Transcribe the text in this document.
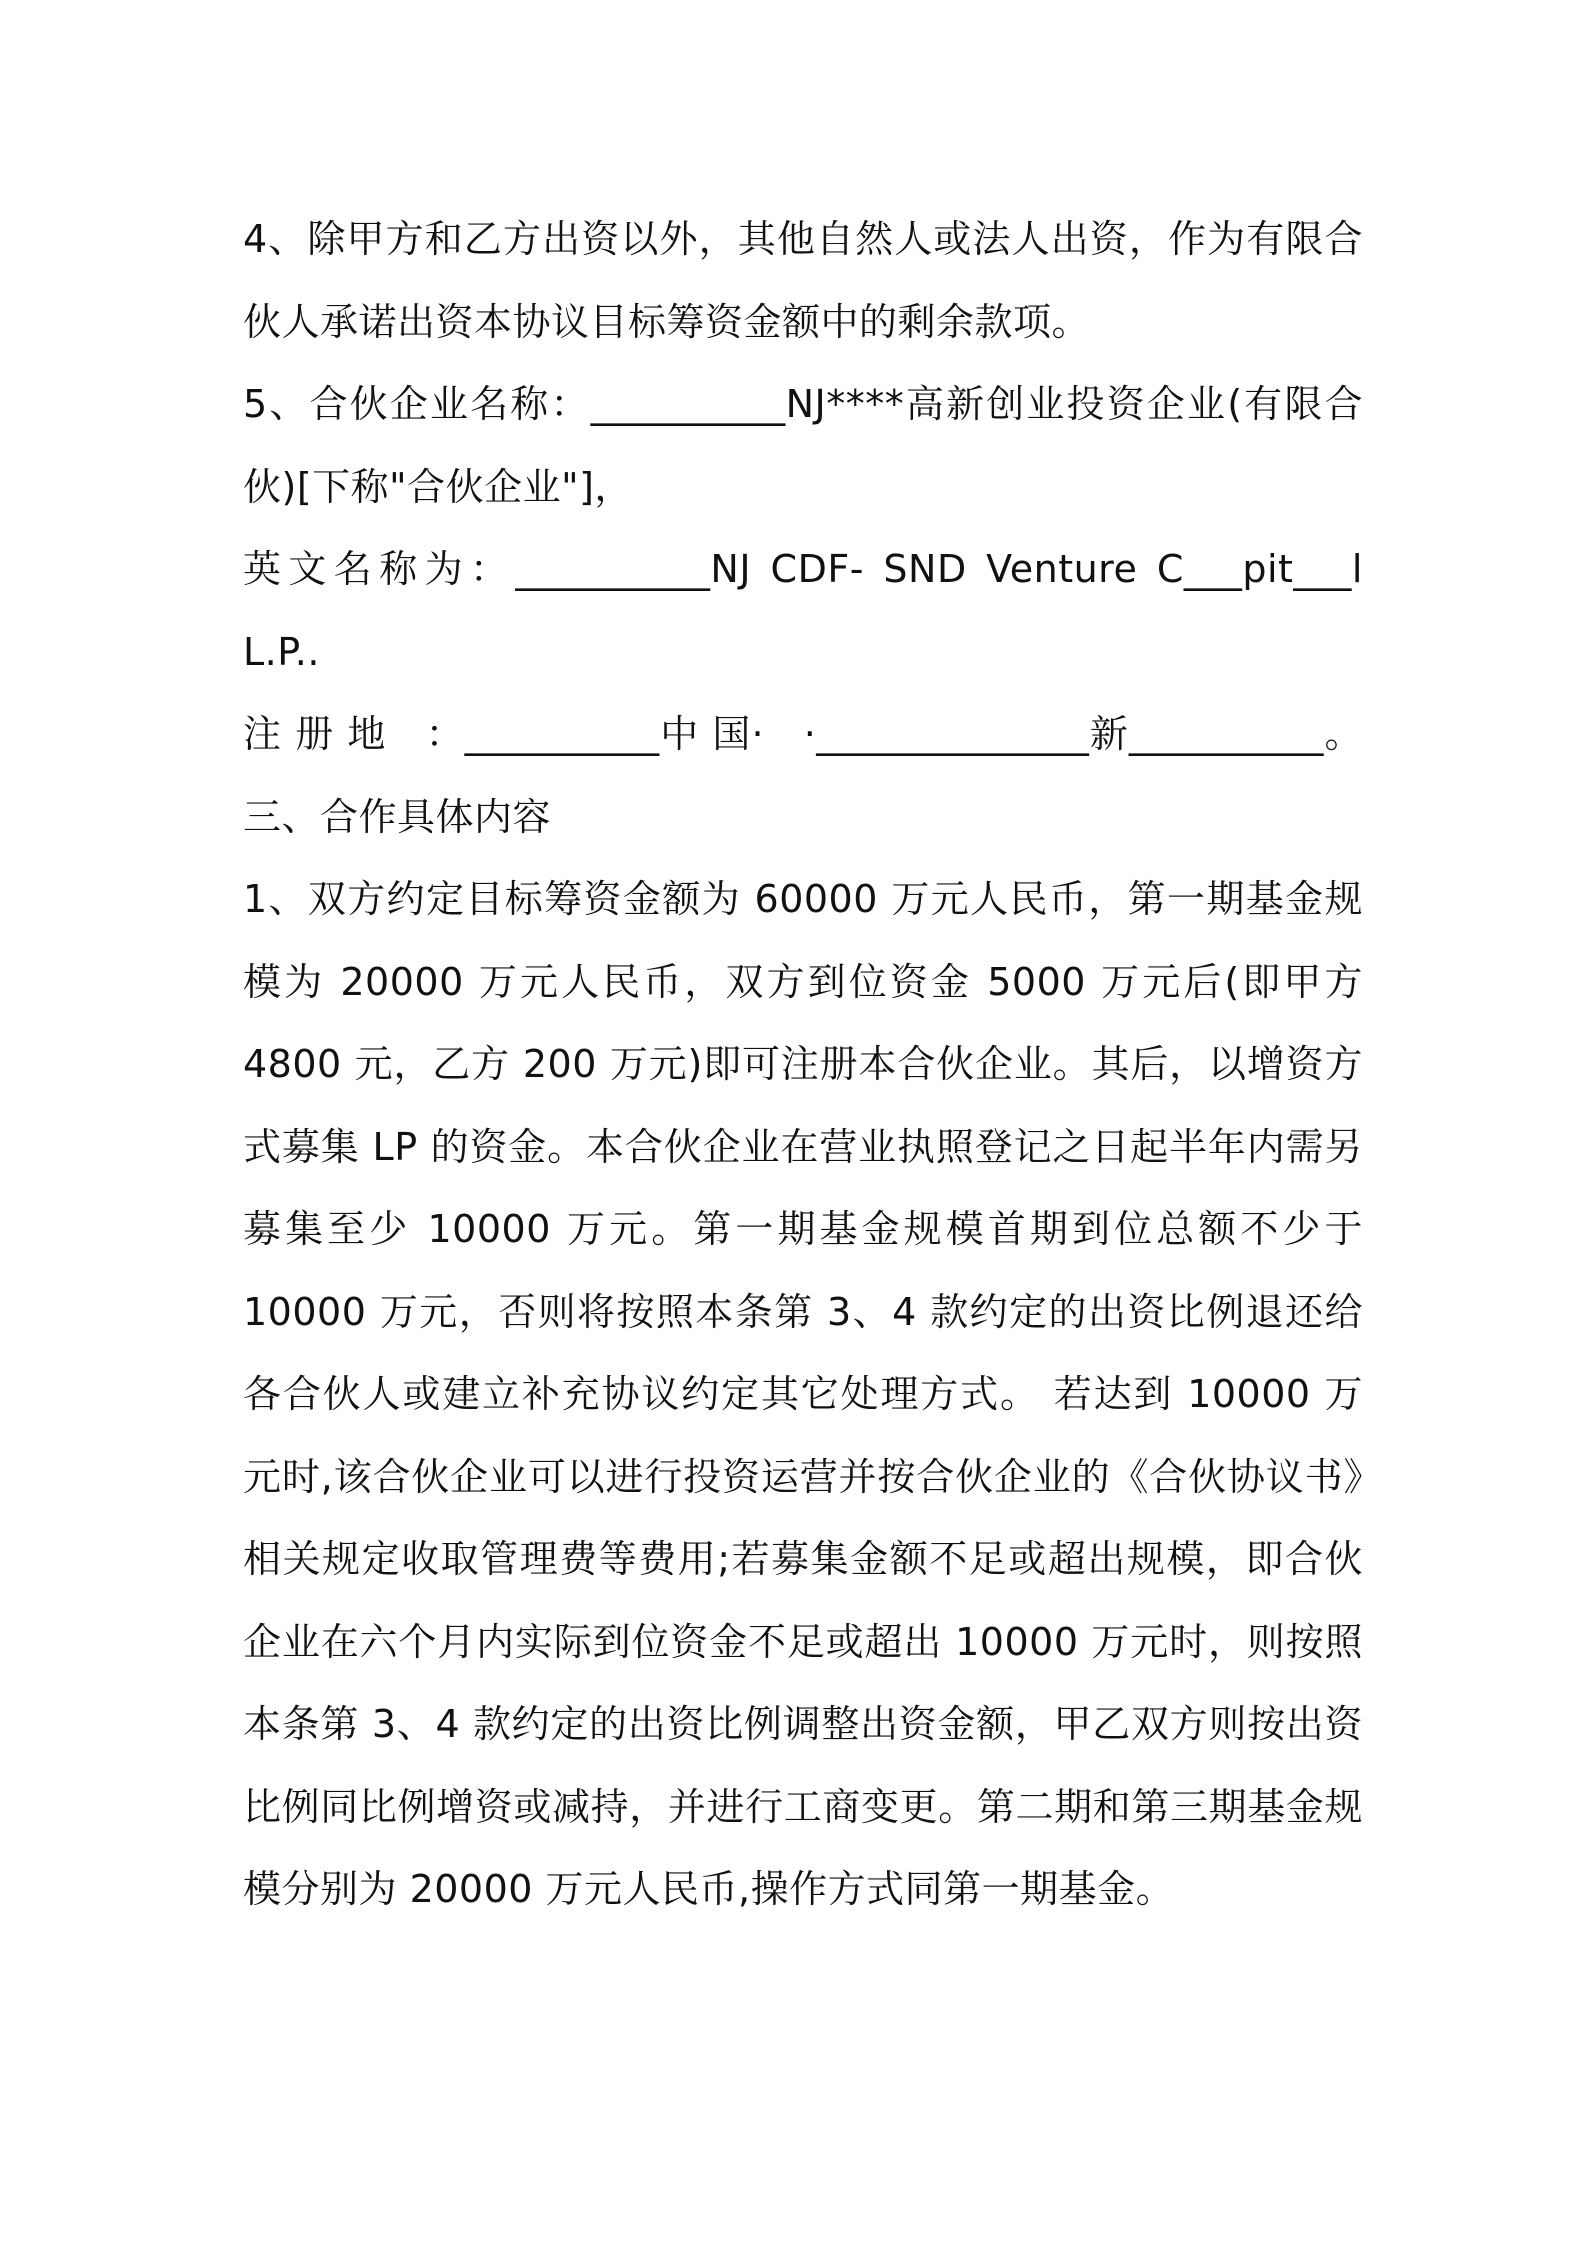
4、除甲方和乙方出资以外，其他自然人或法人出资，作为有限合伙人承诺出资本协议目标筹资金额中的剩余款项。

5、合伙企业名称：__________NJ****高新创业投资企业(有限合伙)[下称"合伙企业"]，

英文名称为：__________NJ CDF- SND Venture C___pit___l L.P..

注 册 地　：__________中 国·　·______________新__________。

三、合作具体内容

1、双方约定目标筹资金额为 60000 万元人民币，第一期基金规模为 20000 万元人民币，双方到位资金 5000 万元后(即甲方 4800 元，乙方 200 万元)即可注册本合伙企业。其后，以增资方式募集 LP 的资金。本合伙企业在营业执照登记之日起半年内需另募集至少 10000 万元。第一期基金规模首期到位总额不少于 10000 万元，否则将按照本条第 3、4 款约定的出资比例退还给各合伙人或建立补充协议约定其它处理方式。 若达到 10000 万元时,该合伙企业可以进行投资运营并按合伙企业的《合伙协议书》相关规定收取管理费等费用;若募集金额不足或超出规模，即合伙企业在六个月内实际到位资金不足或超出 10000 万元时，则按照本条第 3、4 款约定的出资比例调整出资金额，甲乙双方则按出资比例同比例增资或减持，并进行工商变更。第二期和第三期基金规模分别为 20000 万元人民币,操作方式同第一期基金。
